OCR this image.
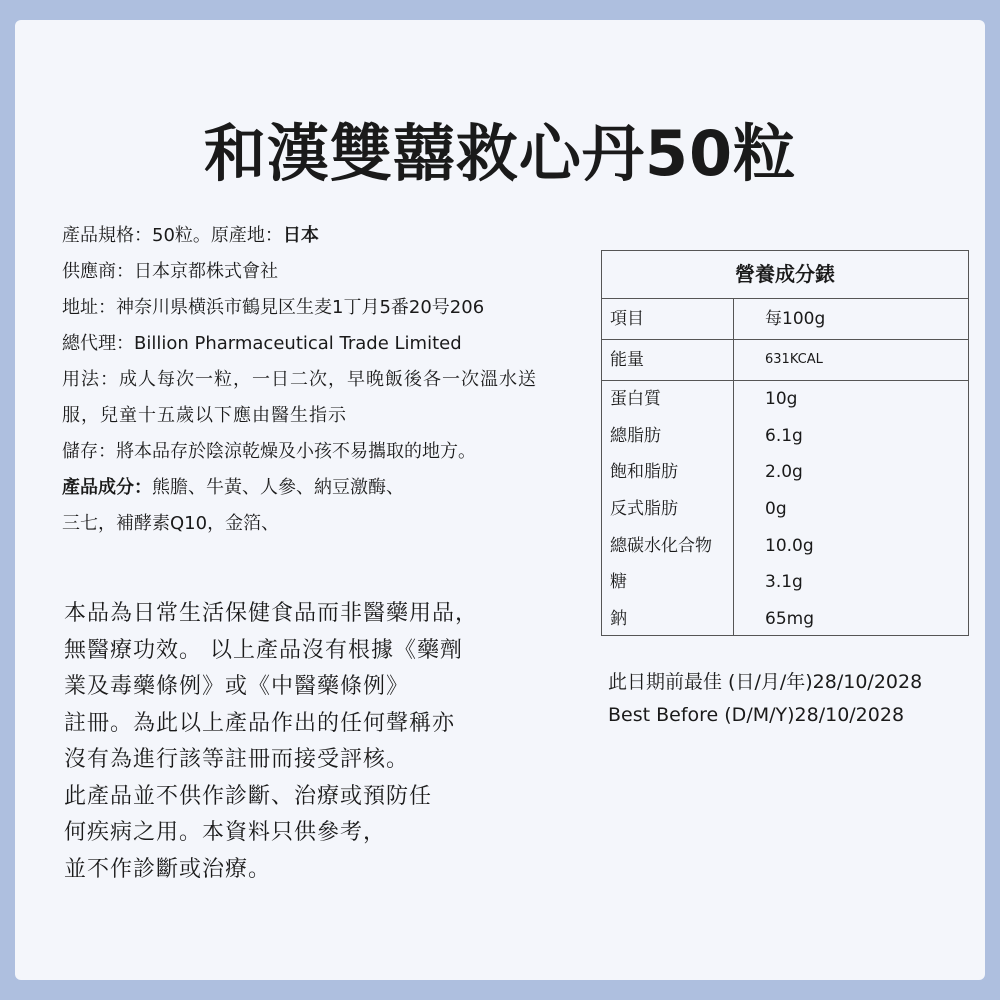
和漢雙囍救心丹50粒
產品規格：50粒。原產地：日本
供應商：日本京都株式會社
地址：神奈川県横浜市鶴見区生麦1丁月5番20号206
總代理：Billion Pharmaceutical Trade Limited
用法：成人每次一粒，一日二次，早晚飯後各一次溫水送
服，兒童十五歲以下應由醫生指示
儲存：將本品存於陰涼乾燥及小孩不易攜取的地方。
產品成分：熊膽、牛黃、人參、納豆激酶、
三七，補酵素Q10，金箔、
本品為日常生活保健食品而非醫藥用品，
無醫療功效。 以上產品沒有根據《藥劑
業及毒藥條例》或《中醫藥條例》
註冊。為此以上產品作出的任何聲稱亦
沒有為進行該等註冊而接受評核。
此產品並不供作診斷、治療或預防任
何疾病之用。本資料只供參考，
並不作診斷或治療。
營養成分錶
項目	每100g
能量	631KCAL
蛋白質	10g
總脂肪	6.1g
飽和脂肪	2.0g
反式脂肪	0g
總碳水化合物	10.0g
糖	3.1g
鈉	65mg
此日期前最佳 (日/月/年)28/10/2028
Best Before (D/M/Y)28/10/2028
